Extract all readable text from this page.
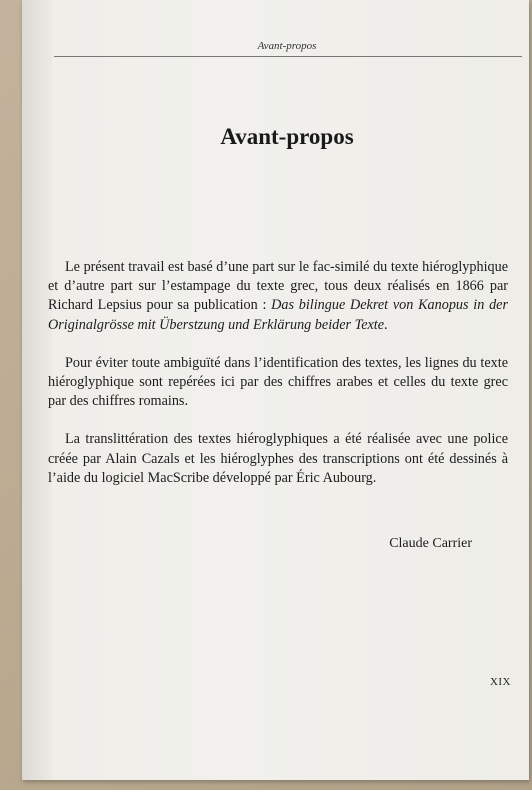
Avant-propos
Avant-propos

Le présent travail est basé d’une part sur le fac-similé du texte hiéroglyphique et d’autre part sur l’estampage du texte grec, tous deux réalisés en 1866 par Richard Lepsius pour sa publication : Das bilingue Dekret von Kanopus in der Originalgrösse mit Überstzung und Erklärung beider Texte.

Pour éviter toute ambiguïté dans l’identification des textes, les lignes du texte hiéroglyphique sont repérées ici par des chiffres arabes et celles du texte grec par des chiffres romains.

La translittération des textes hiéroglyphiques a été réalisée avec une police créée par Alain Cazals et les hiéroglyphes des transcriptions ont été dessinés à l’aide du logiciel MacScribe développé par Éric Aubourg.

Claude Carrier
XIX
